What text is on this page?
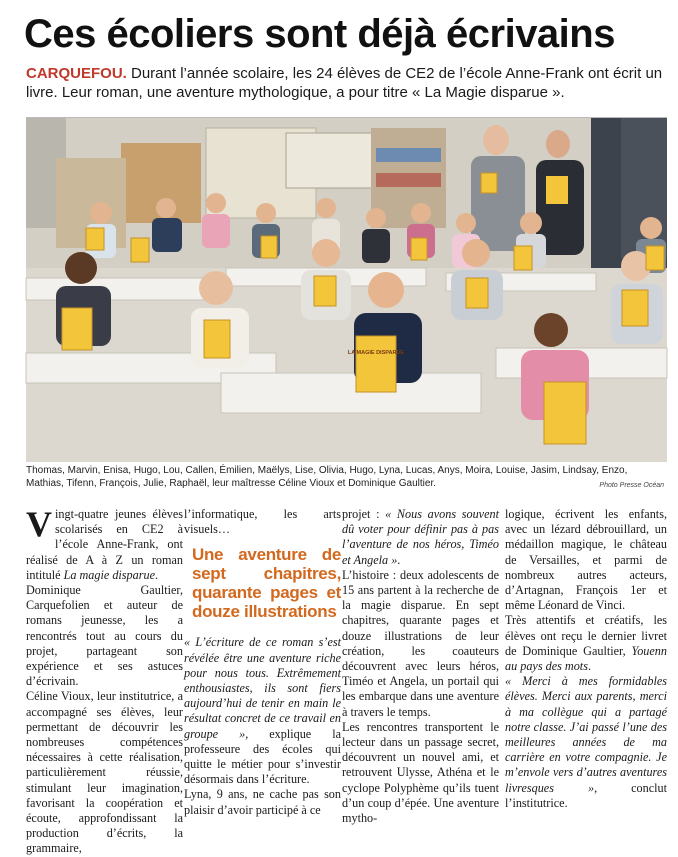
Ces écoliers sont déjà écrivains

CARQUEFOU. Durant l’année scolaire, les 24 élèves de CE2 de l’école Anne-Frank ont écrit un livre. Leur roman, une aventure mythologique, a pour titre « La Magie disparue ».

LA MAGIE DISPARUE

Thomas, Marvin, Enisa, Hugo, Lou, Callen, Émilien, Maëlys, Lise, Olivia, Hugo, Lyna, Lucas, Anys, Moira, Louise, Jasim, Lindsay, Enzo, Mathias, Tifenn, François, Julie, Raphaël, leur maîtresse Céline Vioux et Dominique Gaultier.	Photo Presse Océan

Vingt-quatre jeunes élèves scolarisés en CE2 à l’école Anne-Frank, ont réalisé de A à Z un roman intitulé La magie disparue.

Dominique Gaultier, Carquefolien et auteur de romans jeunesse, les a rencontrés tout au cours du projet, partageant son expérience et ses astuces d’écrivain.

Céline Vioux, leur institutrice, a accompagné ses élèves, leur permettant de découvrir les nombreuses compétences nécessaires à cette réalisation, particulièrement réussie, stimulant leur imagination, favorisant la coopération et écoute, approfondissant la production d’écrits, la grammaire,

l’informatique, les arts visuels…

Une aventure de sept chapitres, quarante pages et douze illustrations

« L’écriture de ce roman s’est révélée être une aventure riche pour nous tous. Extrêmement enthousiastes, ils sont fiers aujourd’hui de tenir en main le résultat concret de ce travail en groupe », explique la professeure des écoles qui quitte le métier pour s’investir désormais dans l’écriture.

Lyna, 9 ans, ne cache pas son plaisir d’avoir participé à ce

projet : « Nous avons souvent dû voter pour définir pas à pas l’aventure de nos héros, Timéo et Angela ».

L’histoire : deux adolescents de 15 ans partent à la recherche de la magie disparue. En sept chapitres, quarante pages et douze illustrations de leur création, les coauteurs découvrent avec leurs héros, Timéo et Angela, un portail qui les embarque dans une aventure à travers le temps.

Les rencontres transportent le lecteur dans un passage secret, découvrent un nouvel ami, et retrouvent Ulysse, Athéna et le cyclope Polyphème qu’ils tuent d’un coup d’épée. Une aventure mytho-

logique, écrivent les enfants, avec un lézard débrouillard, un médaillon magique, le château de Versailles, et parmi de nombreux autres acteurs, d’Artagnan, François 1er et même Léonard de Vinci.

Très attentifs et créatifs, les élèves ont reçu le dernier livret de Dominique Gaultier, Youenn au pays des mots.

« Merci à mes formidables élèves. Merci aux parents, merci à ma collègue qui a partagé notre classe. J’ai passé l’une des meilleures années de ma carrière en votre compagnie. Je m’envole vers d’autres aventures livresques », conclut l’institutrice.
